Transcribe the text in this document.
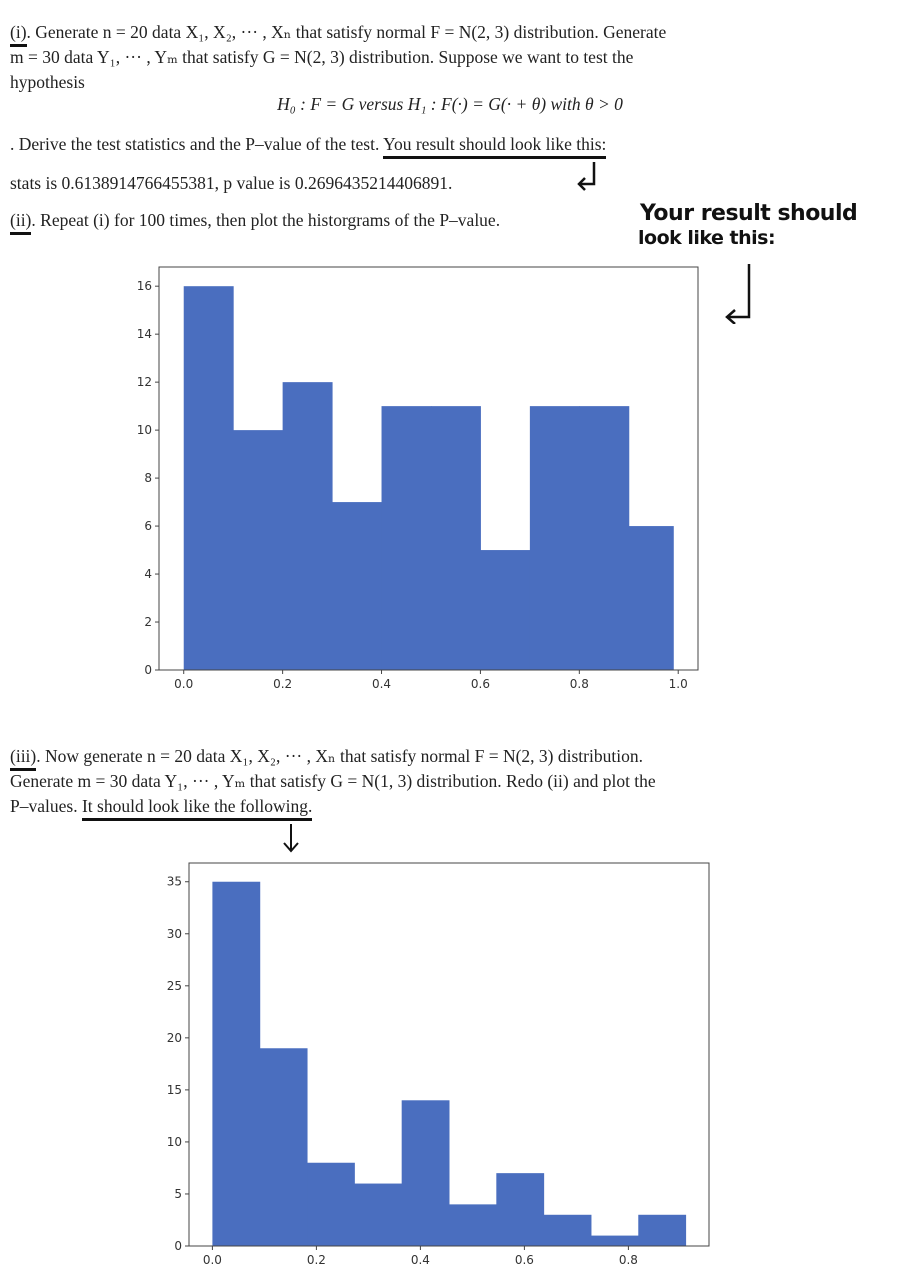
(i). Generate n = 20 data X₁, X₂, ··· , Xₙ that satisfy normal F = N(2, 3) distribution. Generate
m = 30 data Y₁, ··· , Yₘ that satisfy G = N(2, 3) distribution. Suppose we want to test the
hypothesis
H₀ : F = G versus H₁ : F(·) = G(· + θ) with θ > 0
. Derive the test statistics and the P–value of the test. You result should look like this:
stats is 0.6138914766455381, p value is 0.2696435214406891.
(ii). Repeat (i) for 100 times, then plot the historgrams of the P–value.	Your result should
look like this:
0
2
4
6
8
10
12
14
16
0.0	0.2	0.4	0.6	0.8	1.0
(iii). Now generate n = 20 data X₁, X₂, ··· , Xₙ that satisfy normal F = N(2, 3) distribution.
Generate m = 30 data Y₁, ··· , Yₘ that satisfy G = N(1, 3) distribution. Redo (ii) and plot the
P–values. It should look like the following.
0
5
10
15
20
25
30
35
0.0	0.2	0.4	0.6	0.8
